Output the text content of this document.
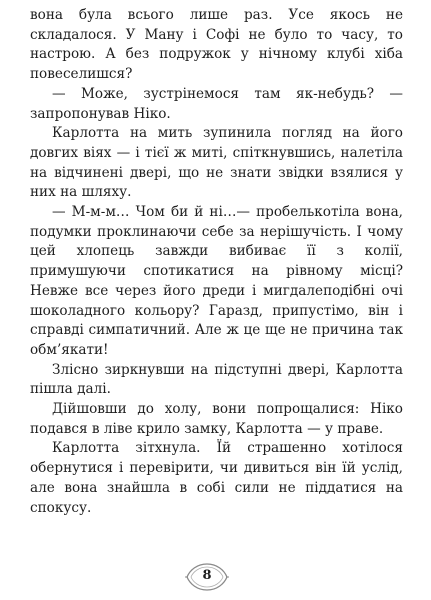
вона була всього лише раз. Усе якось не складалося. У Ману і Софі не було то часу, то настрою. А без подружок у нічному клубі хіба повеселишся?

— Може, зустрінемося там як-небудь? — запропонував Ніко.

Карлотта на мить зупинила погляд на його довгих віях — і тієї ж миті, спіткнувшись, налетіла на відчинені двері, що не знати звідки взялися у них на шляху.

— М-м-м… Чом би й ні…— пробелькотіла вона, подумки проклинаючи себе за нерішучість. І чому цей хлопець завжди вибиває її з колії, примушуючи спотикатися на рівному місці? Невже все через його дреди і мигдалеподібні очі шоколадного кольору? Гаразд, припустімо, він і справді симпатичний. Але ж це ще не причина так обм’якати!

Злісно зиркнувши на підступні двері, Карлотта пішла далі.

Дійшовши до холу, вони попрощалися: Ніко подався в ліве крило замку, Карлотта — у праве.

Карлотта зітхнула. Їй страшенно хотілося обернутися і перевірити, чи дивиться він їй услід, але вона знайшла в собі сили не піддатися на спокусу.

8
